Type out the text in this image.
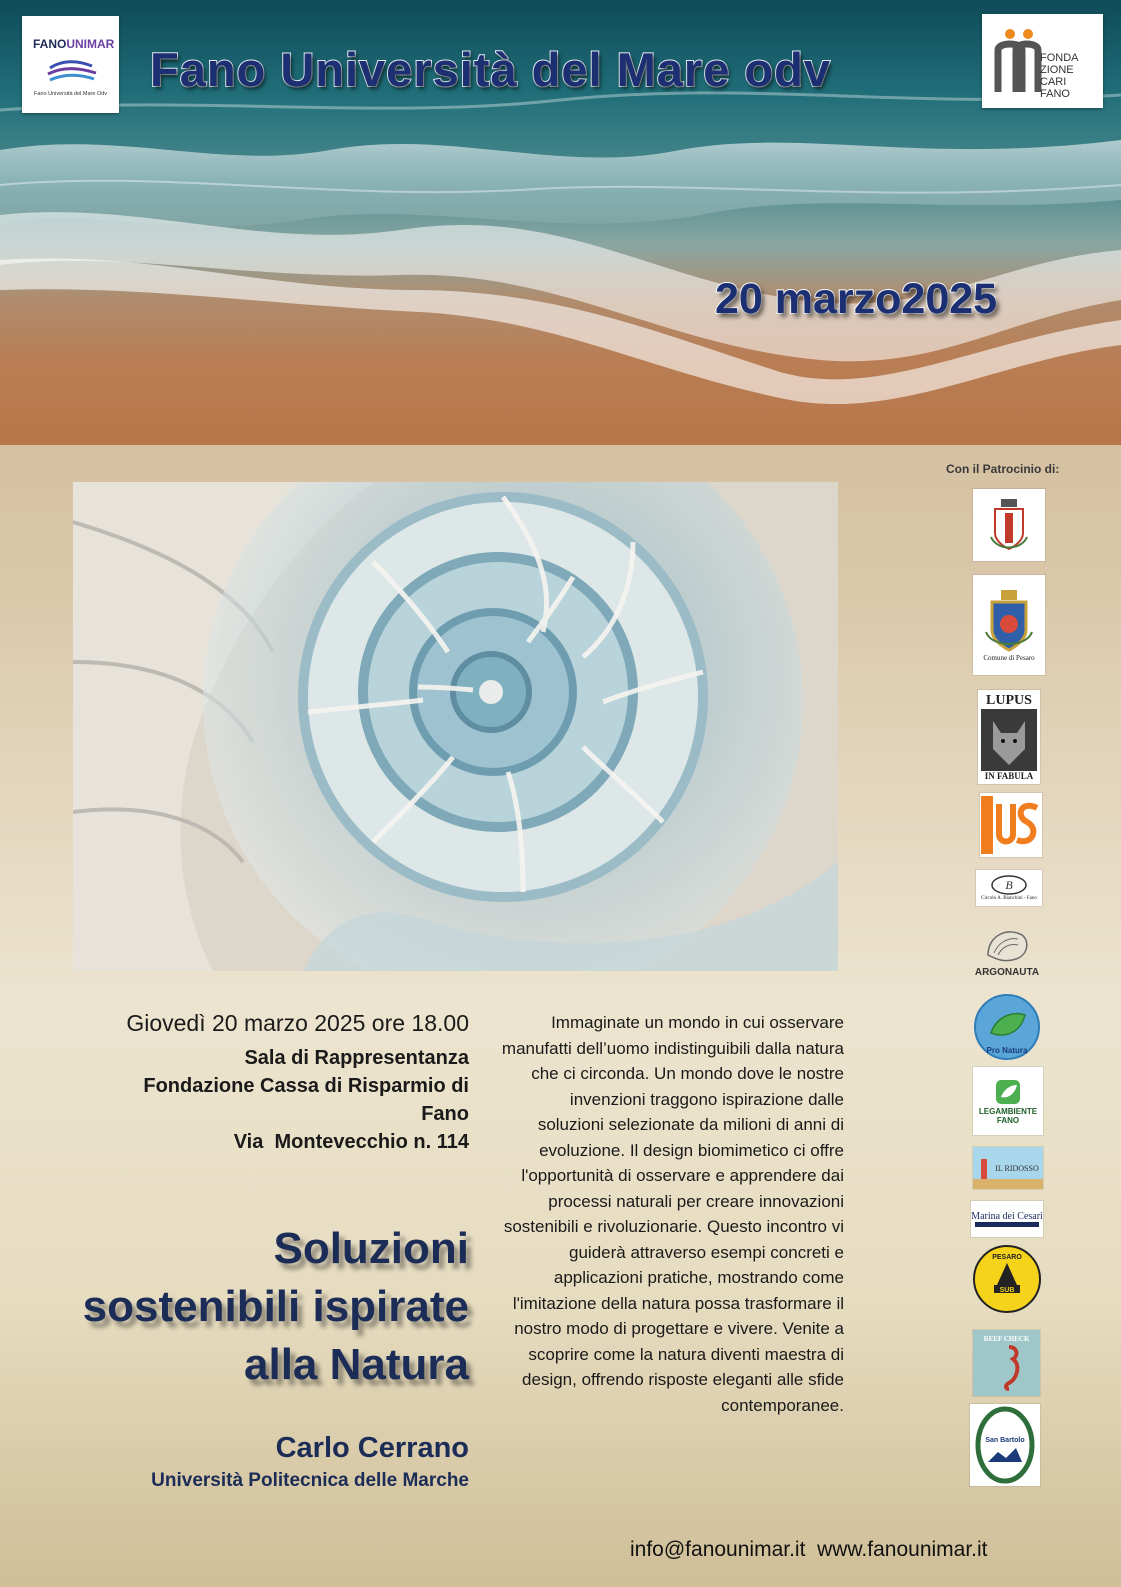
FANOUNIMAR
Fano Università del Mare Odv Fano Università del Mare odv	FONDA
ZIONE
CARI
FANO
20 marzo2025
Con il Patrocinio di:
Comune di Pesaro
LUPUS
IN FABULA
B
Circolo A. Bianchini - Fano
ARGONAUTA
Pro Natura
LEGAMBIENTE FANO
IL RIDOSSO
Marina dei Cesari
SUB
PESARO
REEF CHECK
San Bartolo
Giovedì 20 marzo 2025 ore 18.00
Sala di Rappresentanza
Fondazione Cassa di Risparmio di
Fano
Via  Montevecchio n. 114
Soluzioni
sostenibili ispirate
alla Natura
Carlo Cerrano
Università Politecnica delle Marche
Immaginate un mondo in cui osservare manufatti dell’uomo indistinguibili dalla natura che ci circonda. Un mondo dove le nostre invenzioni traggono ispirazione dalle soluzioni selezionate da milioni di anni di evoluzione. Il design biomimetico ci offre l'opportunità di osservare e apprendere dai processi naturali per creare innovazioni sostenibili e rivoluzionarie. Questo incontro vi guiderà attraverso esempi concreti e applicazioni pratiche, mostrando come l'imitazione della natura possa trasformare il nostro modo di progettare e vivere. Venite a scoprire come la natura diventi maestra di design, offrendo risposte eleganti alle sfide contemporanee.
info@fanounimar.it www.fanounimar.it
